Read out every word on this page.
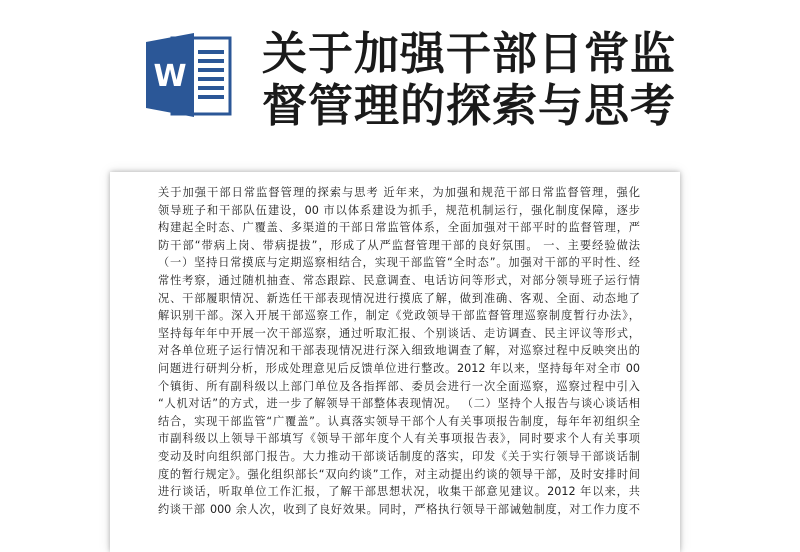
W 关于加强干部日常监
督管理的探索与思考
关于加强干部日常监督管理的探索与思考 近年来，为加强和规范干部日常监督管理，强化
领导班子和干部队伍建设，00 市以体系建设为抓手，规范机制运行，强化制度保障，逐步
构建起全时态、广覆盖、多渠道的干部日常监管体系，全面加强对干部平时的监督管理，严
防干部“带病上岗、带病提拔”，形成了从严监督管理干部的良好氛围。 一、主要经验做法
（一）坚持日常摸底与定期巡察相结合，实现干部监管“全时态”。加强对干部的平时性、经
常性考察，通过随机抽查、常态跟踪、民意调查、电话访问等形式，对部分领导班子运行情
况、干部履职情况、新选任干部表现情况进行摸底了解，做到准确、客观、全面、动态地了
解识别干部。深入开展干部巡察工作，制定《党政领导干部监督管理巡察制度暂行办法》，
坚持每年年中开展一次干部巡察，通过听取汇报、个别谈话、走访调查、民主评议等形式，
对各单位班子运行情况和干部表现情况进行深入细致地调查了解，对巡察过程中反映突出的
问题进行研判分析，形成处理意见后反馈单位进行整改。2012 年以来，坚持每年对全市 00
个镇街、所有副科级以上部门单位及各指挥部、委员会进行一次全面巡察，巡察过程中引入
“人机对话”的方式，进一步了解领导干部整体表现情况。 （二）坚持个人报告与谈心谈话相
结合，实现干部监管“广覆盖”。认真落实领导干部个人有关事项报告制度，每年年初组织全
市副科级以上领导干部填写《领导干部年度个人有关事项报告表》，同时要求个人有关事项
变动及时向组织部门报告。大力推动干部谈话制度的落实，印发《关于实行领导干部谈话制
度的暂行规定》。强化组织部长“双向约谈”工作，对主动提出约谈的领导干部，及时安排时间
进行谈话，听取单位工作汇报，了解干部思想状况，收集干部意见建议。2012 年以来，共
约谈干部 000 余人次，收到了良好效果。同时，严格执行领导干部诫勉制度，对工作力度不
